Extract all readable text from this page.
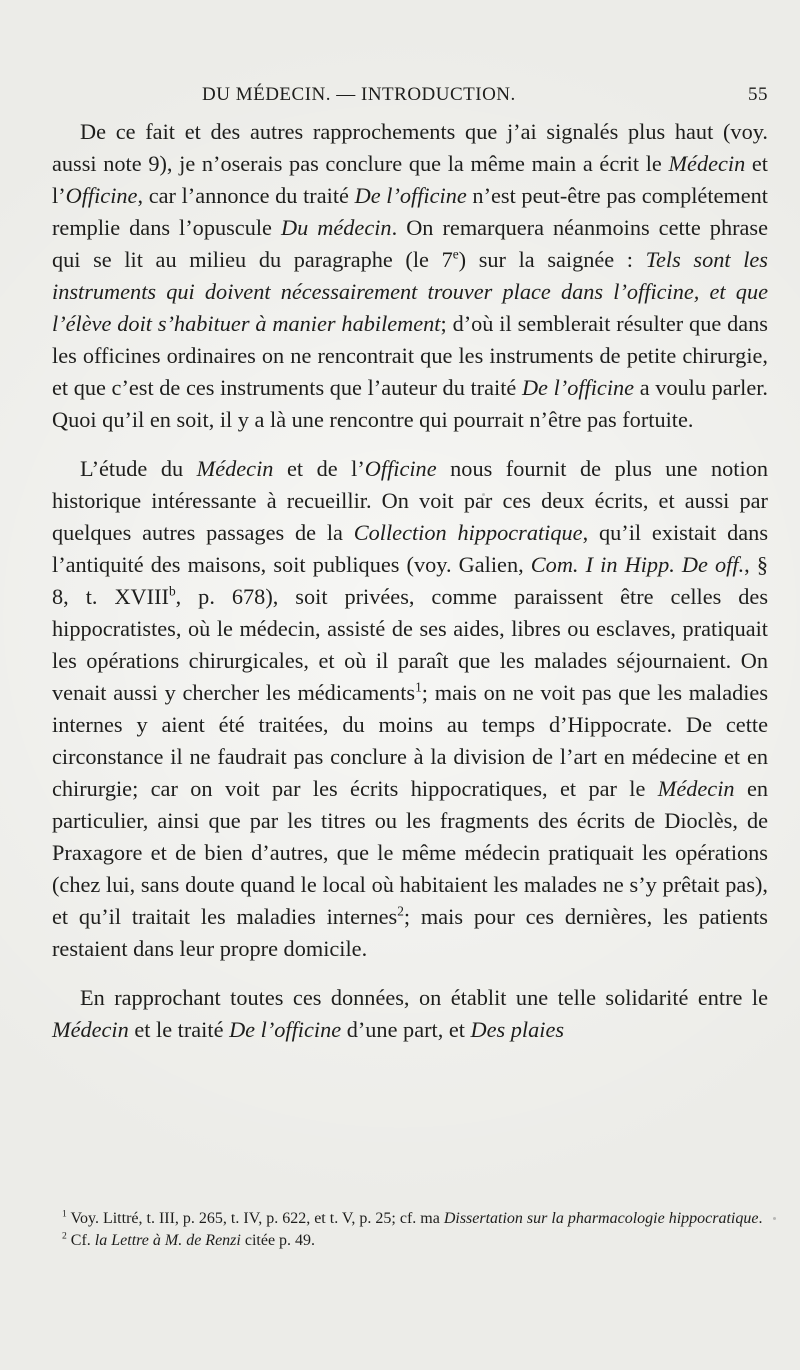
DU MÉDECIN. — INTRODUCTION.	55

De ce fait et des autres rapprochements que j’ai signalés plus haut (voy. aussi note 9), je n’oserais pas conclure que la même main a écrit le Médecin et l’Officine, car l’annonce du traité De l’officine n’est peut-être pas complétement remplie dans l’opuscule Du médecin. On remarquera néanmoins cette phrase qui se lit au milieu du paragraphe (le 7e) sur la saignée : Tels sont les instruments qui doivent nécessairement trouver place dans l’officine, et que l’élève doit s’habituer à manier habilement; d’où il semblerait résulter que dans les officines ordinaires on ne rencontrait que les instruments de petite chirurgie, et que c’est de ces instruments que l’auteur du traité De l’officine a voulu parler. Quoi qu’il en soit, il y a là une rencontre qui pourrait n’être pas fortuite.

L’étude du Médecin et de l’Officine nous fournit de plus une notion historique intéressante à recueillir. On voit par ces deux écrits, et aussi par quelques autres passages de la Collection hippocratique, qu’il existait dans l’antiquité des maisons, soit publiques (voy. Galien, Com. I in Hipp. De off., § 8, t. XVIII$^b$, p. 678), soit privées, comme paraissent être celles des hippocratistes, où le médecin, assisté de ses aides, libres ou esclaves, pratiquait les opérations chirurgicales, et où il paraît que les malades séjournaient. On venait aussi y chercher les médicaments$^1$; mais on ne voit pas que les maladies internes y aient été traitées, du moins au temps d’Hippocrate. De cette circonstance il ne faudrait pas conclure à la division de l’art en médecine et en chirurgie; car on voit par les écrits hippocratiques, et par le Médecin en particulier, ainsi que par les titres ou les fragments des écrits de Dioclès, de Praxagore et de bien d’autres, que le même médecin pratiquait les opérations (chez lui, sans doute quand le local où habitaient les malades ne s’y prêtait pas), et qu’il traitait les maladies internes$^2$; mais pour ces dernières, les patients restaient dans leur propre domicile.

En rapprochant toutes ces données, on établit une telle solidarité entre le Médecin et le traité De l’officine d’une part, et Des plaies

$^1$ Voy. Littré, t. III, p. 265, t. IV, p. 622, et t. V, p. 25; cf. ma Dissertation sur la pharmacologie hippocratique.

$^2$ Cf. la Lettre à M. de Renzi citée p. 49.
